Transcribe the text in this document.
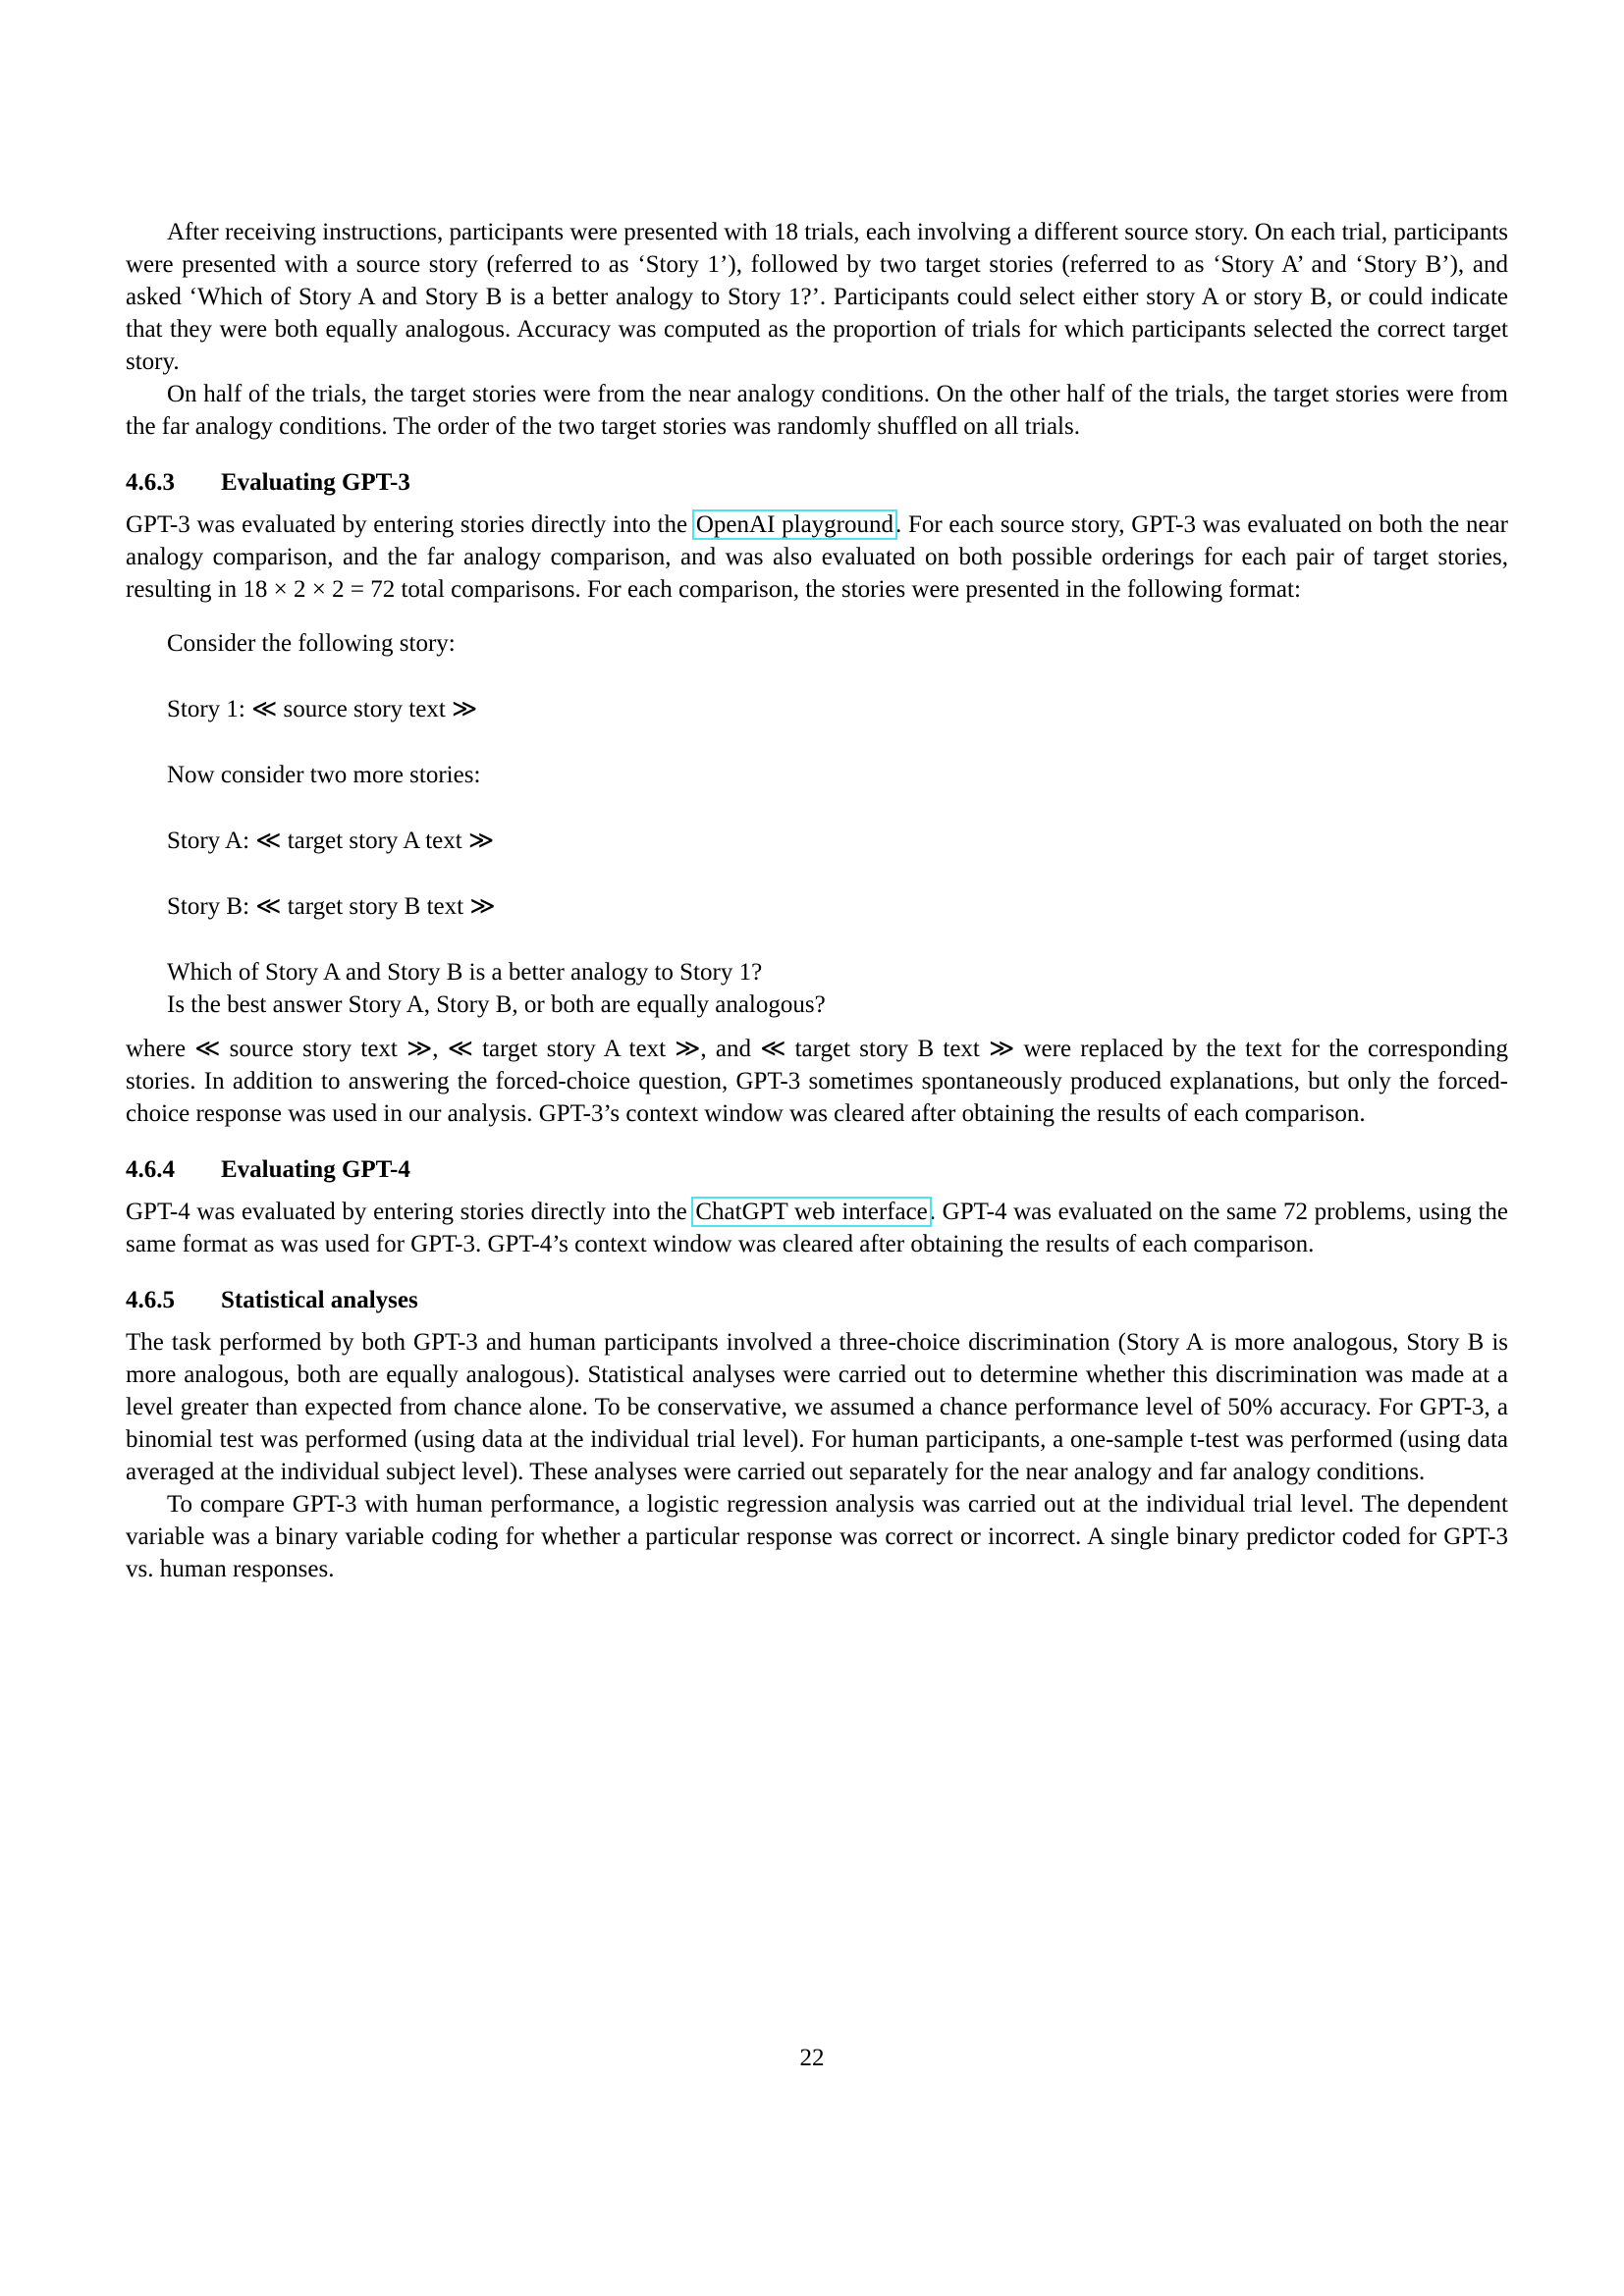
After receiving instructions, participants were presented with 18 trials, each involving a different source story. On each trial, participants were presented with a source story (referred to as ‘Story 1’), followed by two target stories (referred to as ‘Story A’ and ‘Story B’), and asked ‘Which of Story A and Story B is a better analogy to Story 1?’. Participants could select either story A or story B, or could indicate that they were both equally analogous. Accuracy was computed as the proportion of trials for which participants selected the correct target story.

On half of the trials, the target stories were from the near analogy conditions. On the other half of the trials, the target stories were from the far analogy conditions. The order of the two target stories was randomly shuffled on all trials.

4.6.3 Evaluating GPT-3

GPT-3 was evaluated by entering stories directly into the OpenAI playground. For each source story, GPT-3 was evaluated on both the near analogy comparison, and the far analogy comparison, and was also evaluated on both possible orderings for each pair of target stories, resulting in 18 × 2 × 2 = 72 total comparisons. For each comparison, the stories were presented in the following format:

Consider the following story:

Story 1: ≪ source story text ≫

Now consider two more stories:

Story A: ≪ target story A text ≫

Story B: ≪ target story B text ≫

Which of Story A and Story B is a better analogy to Story 1?

Is the best answer Story A, Story B, or both are equally analogous?

where ≪ source story text ≫, ≪ target story A text ≫, and ≪ target story B text ≫ were replaced by the text for the corresponding stories. In addition to answering the forced-choice question, GPT-3 sometimes spontaneously produced explanations, but only the forced-choice response was used in our analysis. GPT-3’s context window was cleared after obtaining the results of each comparison.

4.6.4 Evaluating GPT-4

GPT-4 was evaluated by entering stories directly into the ChatGPT web interface. GPT-4 was evaluated on the same 72 problems, using the same format as was used for GPT-3. GPT-4’s context window was cleared after obtaining the results of each comparison.

4.6.5 Statistical analyses

The task performed by both GPT-3 and human participants involved a three-choice discrimination (Story A is more analogous, Story B is more analogous, both are equally analogous). Statistical analyses were carried out to determine whether this discrimination was made at a level greater than expected from chance alone. To be conservative, we assumed a chance performance level of 50% accuracy. For GPT-3, a binomial test was performed (using data at the individual trial level). For human participants, a one-sample t-test was performed (using data averaged at the individual subject level). These analyses were carried out separately for the near analogy and far analogy conditions.

To compare GPT-3 with human performance, a logistic regression analysis was carried out at the individual trial level. The dependent variable was a binary variable coding for whether a particular response was correct or incorrect. A single binary predictor coded for GPT-3 vs. human responses.

22
